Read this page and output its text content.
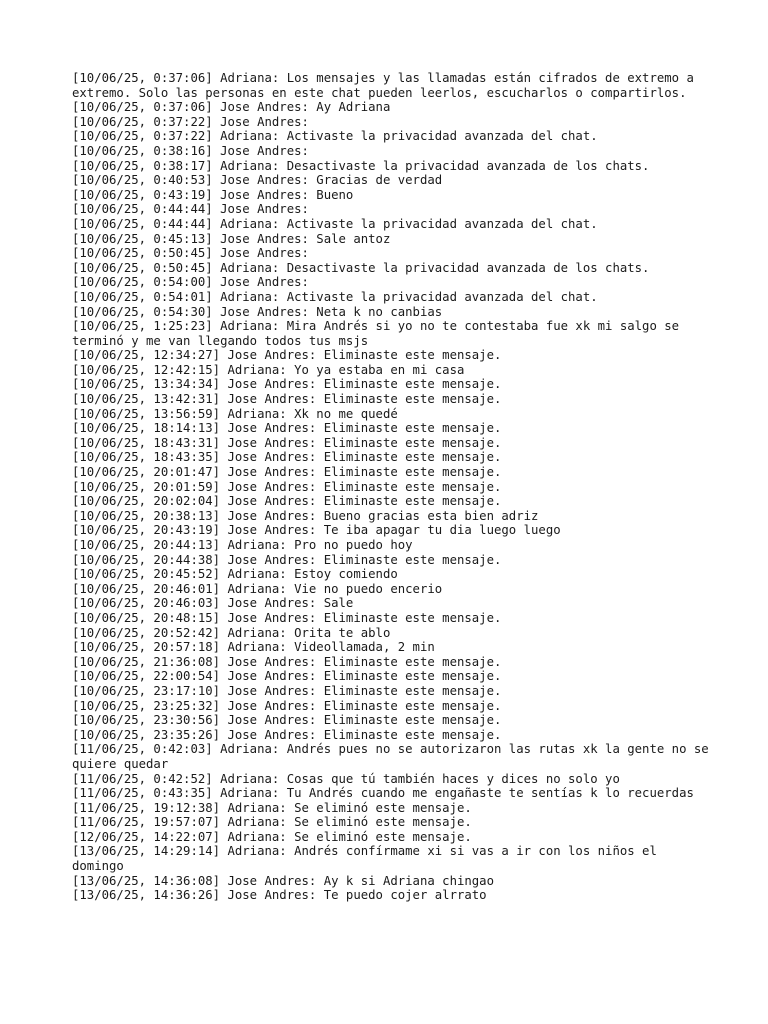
[10/06/25, 0:37:06] Adriana: Los mensajes y las llamadas están cifrados de extremo a extremo. Solo las personas en este chat pueden leerlos, escucharlos o compartirlos.
[10/06/25, 0:37:06] Jose Andres: Ay Adriana
[10/06/25, 0:37:22] Jose Andres:
[10/06/25, 0:37:22] Adriana: Activaste la privacidad avanzada del chat.
[10/06/25, 0:38:16] Jose Andres:
[10/06/25, 0:38:17] Adriana: Desactivaste la privacidad avanzada de los chats.
[10/06/25, 0:40:53] Jose Andres: Gracias de verdad
[10/06/25, 0:43:19] Jose Andres: Bueno
[10/06/25, 0:44:44] Jose Andres:
[10/06/25, 0:44:44] Adriana: Activaste la privacidad avanzada del chat.
[10/06/25, 0:45:13] Jose Andres: Sale antoz
[10/06/25, 0:50:45] Jose Andres:
[10/06/25, 0:50:45] Adriana: Desactivaste la privacidad avanzada de los chats.
[10/06/25, 0:54:00] Jose Andres:
[10/06/25, 0:54:01] Adriana: Activaste la privacidad avanzada del chat.
[10/06/25, 0:54:30] Jose Andres: Neta k no canbias
[10/06/25, 1:25:23] Adriana: Mira Andrés si yo no te contestaba fue xk mi salgo se terminó y me van llegando todos tus msjs
[10/06/25, 12:34:27] Jose Andres: Eliminaste este mensaje.
[10/06/25, 12:42:15] Adriana: Yo ya estaba en mi casa
[10/06/25, 13:34:34] Jose Andres: Eliminaste este mensaje.
[10/06/25, 13:42:31] Jose Andres: Eliminaste este mensaje.
[10/06/25, 13:56:59] Adriana: Xk no me quedé
[10/06/25, 18:14:13] Jose Andres: Eliminaste este mensaje.
[10/06/25, 18:43:31] Jose Andres: Eliminaste este mensaje.
[10/06/25, 18:43:35] Jose Andres: Eliminaste este mensaje.
[10/06/25, 20:01:47] Jose Andres: Eliminaste este mensaje.
[10/06/25, 20:01:59] Jose Andres: Eliminaste este mensaje.
[10/06/25, 20:02:04] Jose Andres: Eliminaste este mensaje.
[10/06/25, 20:38:13] Jose Andres: Bueno gracias esta bien adriz
[10/06/25, 20:43:19] Jose Andres: Te iba apagar tu dia luego luego
[10/06/25, 20:44:13] Adriana: Pro no puedo hoy
[10/06/25, 20:44:38] Jose Andres: Eliminaste este mensaje.
[10/06/25, 20:45:52] Adriana: Estoy comiendo
[10/06/25, 20:46:01] Adriana: Vie no puedo encerio
[10/06/25, 20:46:03] Jose Andres: Sale
[10/06/25, 20:48:15] Jose Andres: Eliminaste este mensaje.
[10/06/25, 20:52:42] Adriana: Orita te ablo
[10/06/25, 20:57:18] Adriana: Videollamada, 2 min
[10/06/25, 21:36:08] Jose Andres: Eliminaste este mensaje.
[10/06/25, 22:00:54] Jose Andres: Eliminaste este mensaje.
[10/06/25, 23:17:10] Jose Andres: Eliminaste este mensaje.
[10/06/25, 23:25:32] Jose Andres: Eliminaste este mensaje.
[10/06/25, 23:30:56] Jose Andres: Eliminaste este mensaje.
[10/06/25, 23:35:26] Jose Andres: Eliminaste este mensaje.
[11/06/25, 0:42:03] Adriana: Andrés pues no se autorizaron las rutas xk la gente no se quiere quedar
[11/06/25, 0:42:52] Adriana: Cosas que tú también haces y dices no solo yo
[11/06/25, 0:43:35] Adriana: Tu Andrés cuando me engañaste te sentías k lo recuerdas
[11/06/25, 19:12:38] Adriana: Se eliminó este mensaje.
[11/06/25, 19:57:07] Adriana: Se eliminó este mensaje.
[12/06/25, 14:22:07] Adriana: Se eliminó este mensaje.
[13/06/25, 14:29:14] Adriana: Andrés confírmame xi si vas a ir con los niños el domingo
[13/06/25, 14:36:08] Jose Andres: Ay k si Adriana chingao
[13/06/25, 14:36:26] Jose Andres: Te puedo cojer alrrato
